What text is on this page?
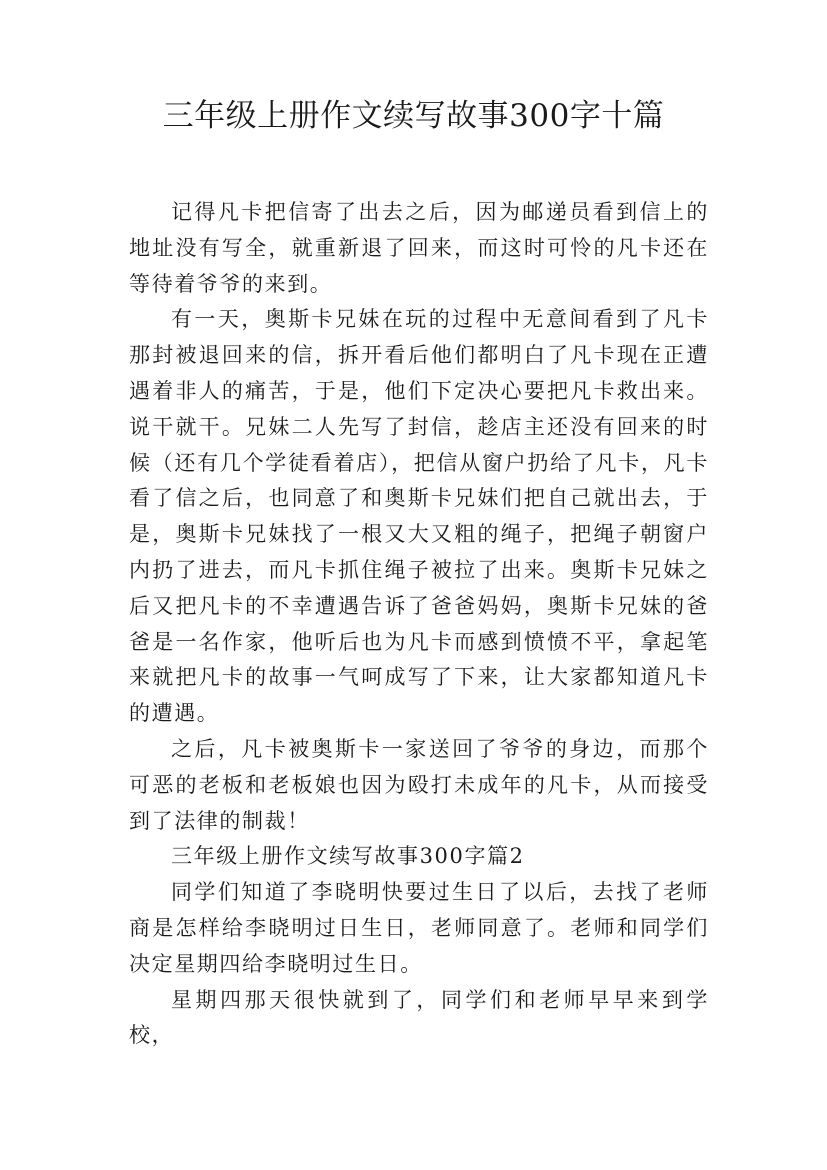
三年级上册作文续写故事300字十篇

记得凡卡把信寄了出去之后，因为邮递员看到信上的地址没有写全，就重新退了回来，而这时可怜的凡卡还在等待着爷爷的来到。

有一天，奥斯卡兄妹在玩的过程中无意间看到了凡卡那封被退回来的信，拆开看后他们都明白了凡卡现在正遭遇着非人的痛苦，于是，他们下定决心要把凡卡救出来。说干就干。兄妹二人先写了封信，趁店主还没有回来的时候（还有几个学徒看着店），把信从窗户扔给了凡卡，凡卡看了信之后，也同意了和奥斯卡兄妹们把自己就出去，于是，奥斯卡兄妹找了一根又大又粗的绳子，把绳子朝窗户内扔了进去，而凡卡抓住绳子被拉了出来。奥斯卡兄妹之后又把凡卡的不幸遭遇告诉了爸爸妈妈，奥斯卡兄妹的爸爸是一名作家，他听后也为凡卡而感到愤愤不平，拿起笔来就把凡卡的故事一气呵成写了下来，让大家都知道凡卡的遭遇。

之后，凡卡被奥斯卡一家送回了爷爷的身边，而那个可恶的老板和老板娘也因为殴打未成年的凡卡，从而接受到了法律的制裁！

三年级上册作文续写故事300字篇2

同学们知道了李晓明快要过生日了以后，去找了老师商是怎样给李晓明过日生日，老师同意了。老师和同学们决定星期四给李晓明过生日。

星期四那天很快就到了，同学们和老师早早来到学校，
